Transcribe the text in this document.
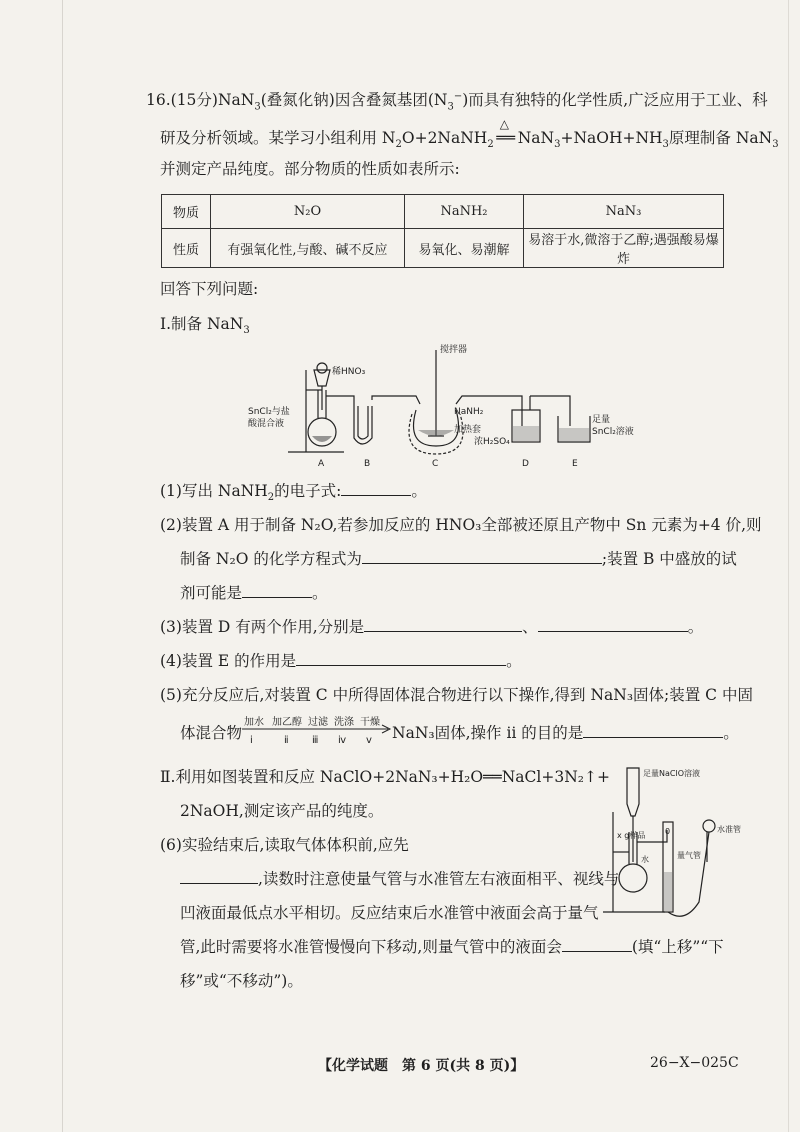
16.(15分)NaN$_3$(叠氮化钠)因含叠氮基团$(N_3^-)$而具有独特的化学性质,广泛应用于工业、科
研及分析领域。某学习小组利用 $N_2O+2NaNH_2$
△
══ $NaN_3+NaOH+NH_3$原理制备 NaN$_3$
并测定产品纯度。部分物质的性质如表所示:
物质	N₂O	NaNH₂	NaN₃
性质	有强氧化性,与酸、碱不反应	易氧化、易潮解	易溶于水,微溶于乙醇;遇强酸易爆炸
回答下列问题:
Ⅰ.制备 NaN$_3$
搅拌器
稀HNO₃
SnCl₂与盐
酸混合液
NaNH₂
加热套
浓H₂SO₄
足量
SnCl₂溶液
A	B	C	D	E
(1)写出 NaNH$_2$的电子式:	。
(2)装置 A 用于制备 N₂O,若参加反应的 HNO₃全部被还原且产物中 Sn 元素为+4 价,则
制备 N₂O 的化学方程式为	;装置 B 中盛放的试
剂可能是	。
(3)装置 D 有两个作用,分别是	、	。
(4)装置 E 的作用是	。
(5)充分反应后,对装置 C 中所得固体混合物进行以下操作,得到 NaN₃固体;装置 C 中固
体混合物
加水 加乙醇 过滤 洗涤 干燥
ⅰ	ⅱ ⅲ ⅳ ⅴ NaN₃固体,操作 ⅱ 的目的是	。
Ⅱ.利用如图装置和反应 NaClO+2NaN₃+H₂O══NaCl+3N₂↑+
2NaOH,测定该产品的纯度。
(6)实验结束后,读取气体体积前,应先
,读数时注意使量气管与水准管左右液面相平、视线与
凹液面最低点水平相切。反应结束后水准管中液面会高于量气
管,此时需要将水准管慢慢向下移动,则量气管中的液面会	(填“上移”“下
移”或“不移动”)。
足量NaClO溶液
x g样品
水
0
量气管
水准管
【化学试题　第 6 页(共 8 页)】	26−X−025C
